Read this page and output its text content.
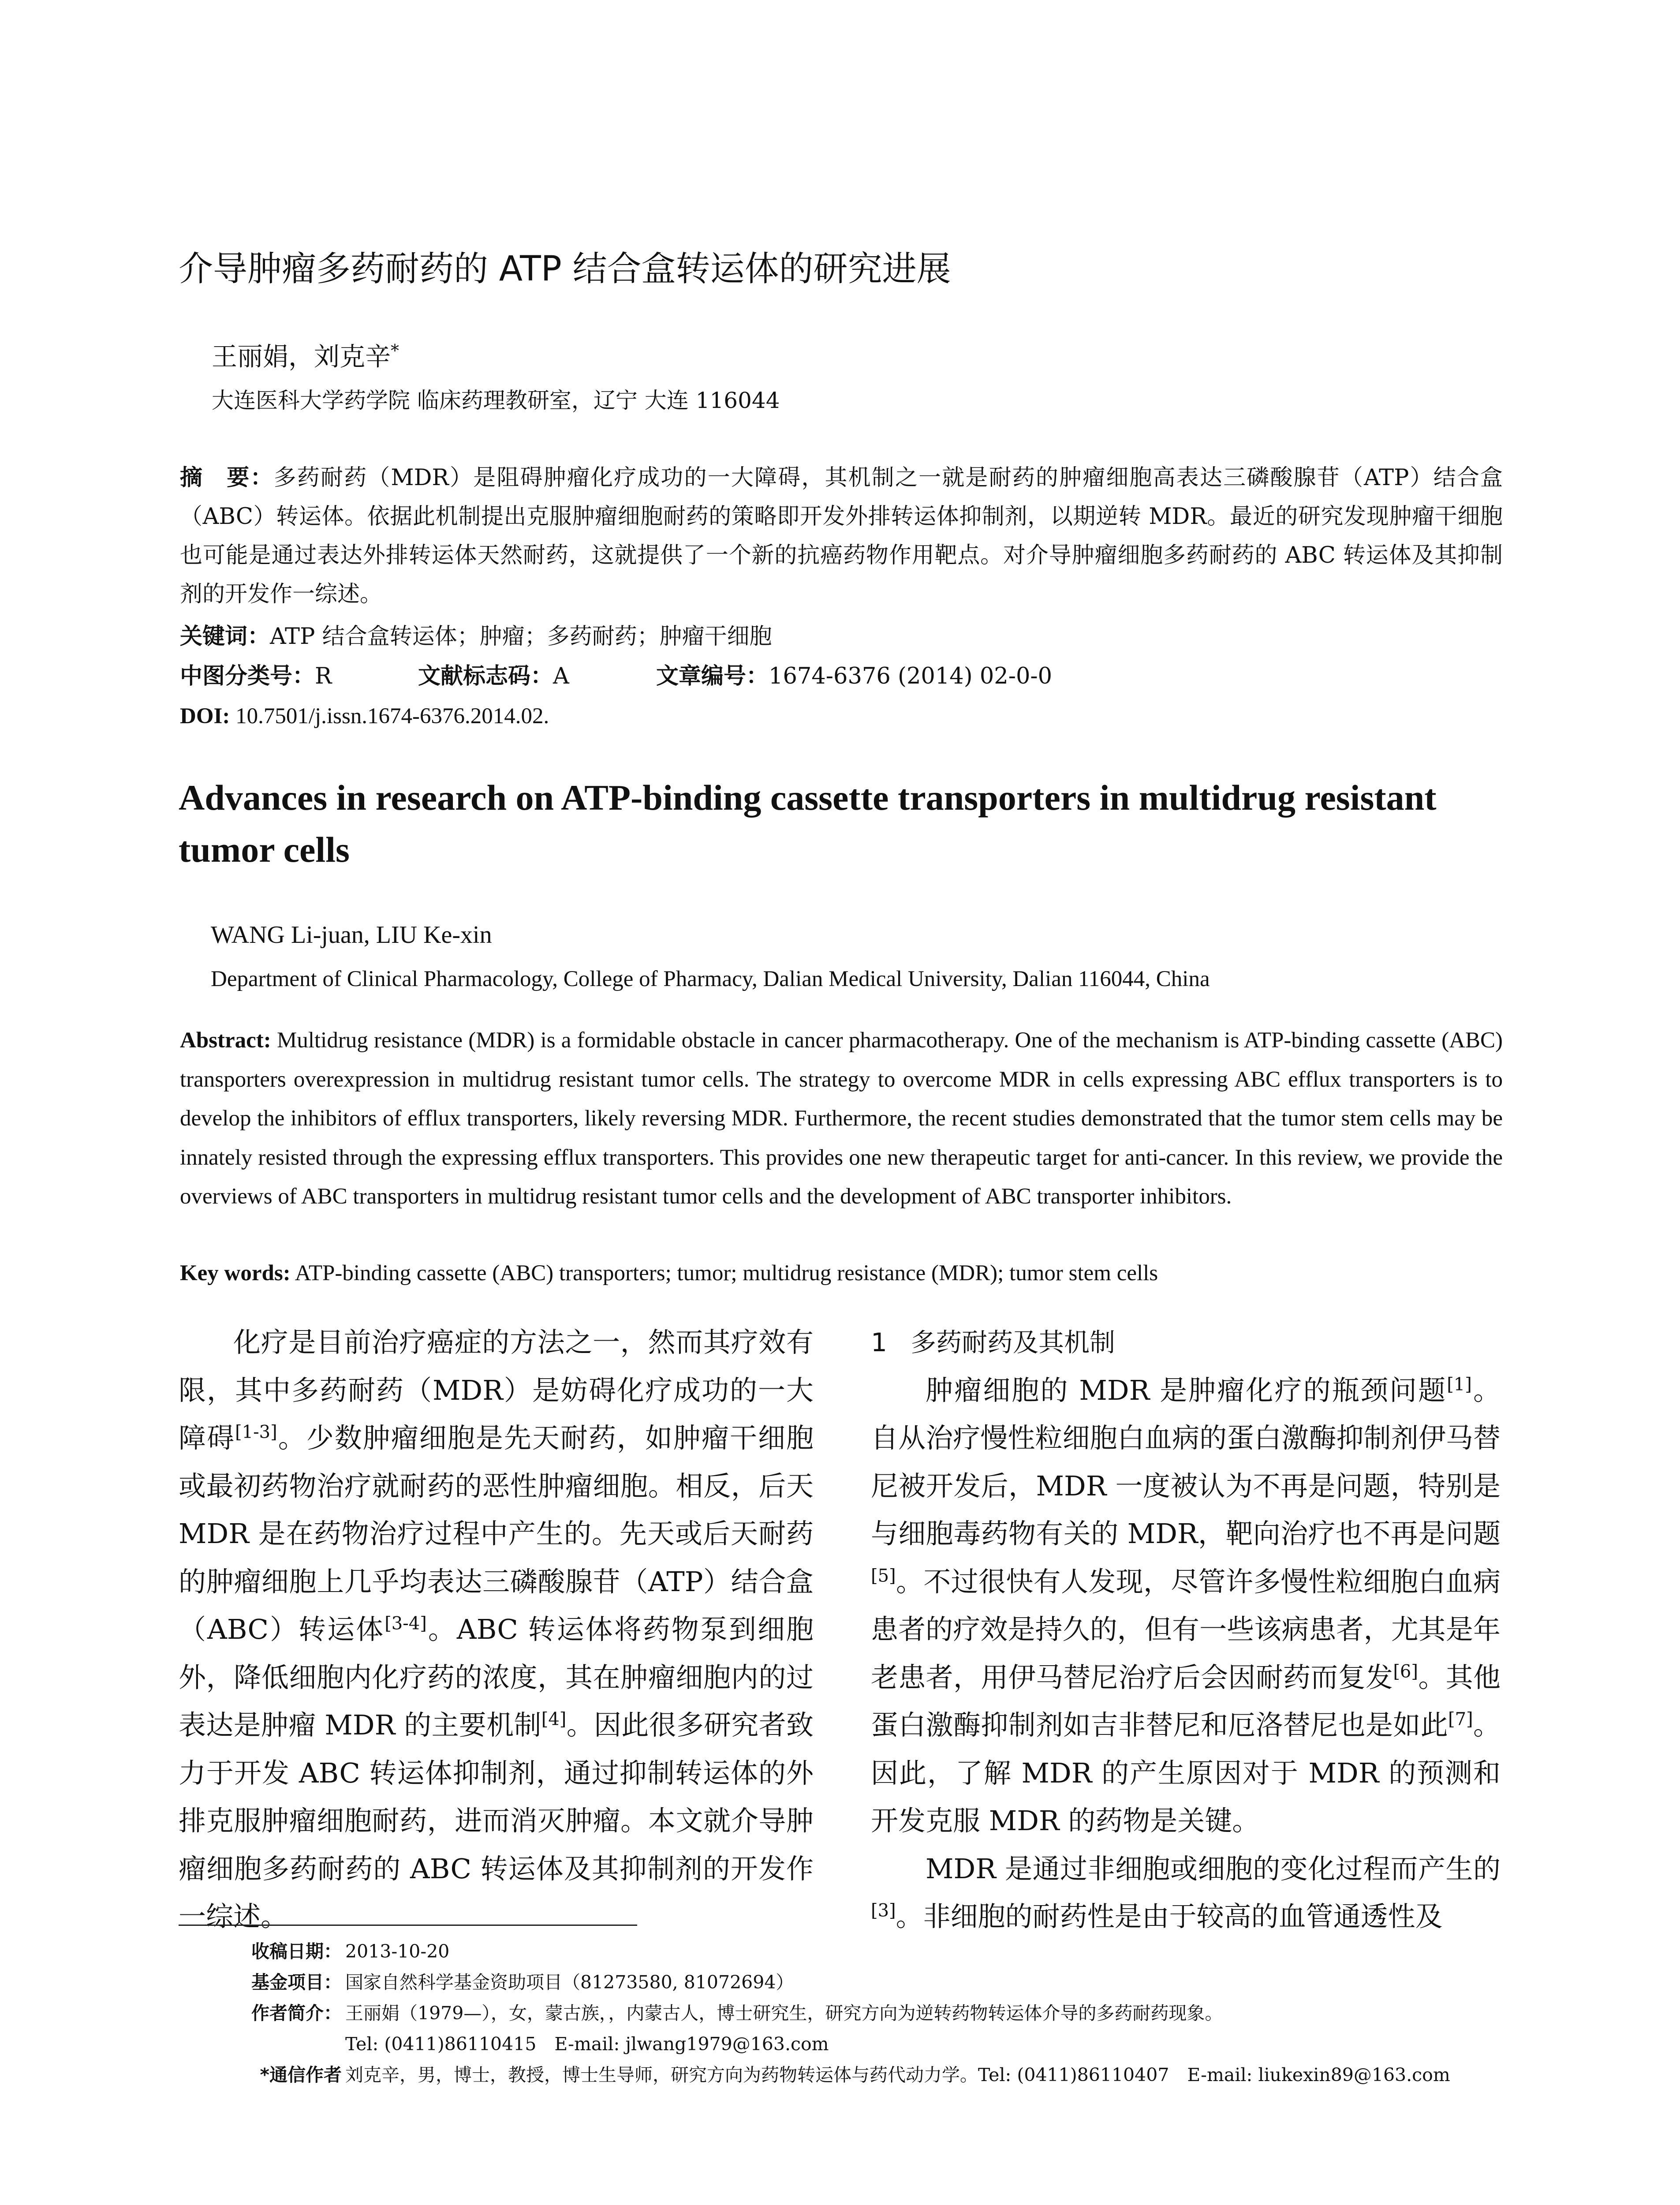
介导肿瘤多药耐药的 ATP 结合盒转运体的研究进展
王丽娟，刘克辛*
大连医科大学药学院 临床药理教研室，辽宁 大连 116044
摘　要：多药耐药（MDR）是阻碍肿瘤化疗成功的一大障碍，其机制之一就是耐药的肿瘤细胞高表达三磷酸腺苷（ATP）结合盒（ABC）转运体。依据此机制提出克服肿瘤细胞耐药的策略即开发外排转运体抑制剂，以期逆转 MDR。最近的研究发现肿瘤干细胞也可能是通过表达外排转运体天然耐药，这就提供了一个新的抗癌药物作用靶点。对介导肿瘤细胞多药耐药的 ABC 转运体及其抑制剂的开发作一综述。
关键词：ATP 结合盒转运体；肿瘤；多药耐药；肿瘤干细胞
中图分类号：R	文献标志码：A	文章编号：1674-6376 (2014) 02-0-0
DOI: 10.7501/j.issn.1674-6376.2014.02.
Advances in research on ATP-binding cassette transporters in multidrug resistant tumor cells
WANG Li-juan, LIU Ke-xin
Department of Clinical Pharmacology, College of Pharmacy, Dalian Medical University, Dalian 116044, China
Abstract: Multidrug resistance (MDR) is a formidable obstacle in cancer pharmacotherapy. One of the mechanism is ATP-binding cassette (ABC) transporters overexpression in multidrug resistant tumor cells. The strategy to overcome MDR in cells expressing ABC efflux transporters is to develop the inhibitors of efflux transporters, likely reversing MDR. Furthermore, the recent studies demonstrated that the tumor stem cells may be innately resisted through the expressing efflux transporters. This provides one new therapeutic target for anti-cancer. In this review, we provide the overviews of ABC transporters in multidrug resistant tumor cells and the development of ABC transporter inhibitors.
Key words: ATP-binding cassette (ABC) transporters; tumor; multidrug resistance (MDR); tumor stem cells

化疗是目前治疗癌症的方法之一，然而其疗效有限，其中多药耐药（MDR）是妨碍化疗成功的一大障碍[1-3]。少数肿瘤细胞是先天耐药，如肿瘤干细胞或最初药物治疗就耐药的恶性肿瘤细胞。相反，后天 MDR 是在药物治疗过程中产生的。先天或后天耐药的肿瘤细胞上几乎均表达三磷酸腺苷（ATP）结合盒（ABC）转运体[3-4]。ABC 转运体将药物泵到细胞外，降低细胞内化疗药的浓度，其在肿瘤细胞内的过表达是肿瘤 MDR 的主要机制[4]。因此很多研究者致力于开发 ABC 转运体抑制剂，通过抑制转运体的外排克服肿瘤细胞耐药，进而消灭肿瘤。本文就介导肿瘤细胞多药耐药的 ABC 转运体及其抑制剂的开发作一综述。

1 多药耐药及其机制

肿瘤细胞的 MDR 是肿瘤化疗的瓶颈问题[1]。自从治疗慢性粒细胞白血病的蛋白激酶抑制剂伊马替尼被开发后，MDR 一度被认为不再是问题，特别是与细胞毒药物有关的 MDR，靶向治疗也不再是问题[5]。不过很快有人发现，尽管许多慢性粒细胞白血病患者的疗效是持久的，但有一些该病患者，尤其是年老患者，用伊马替尼治疗后会因耐药而复发[6]。其他蛋白激酶抑制剂如吉非替尼和厄洛替尼也是如此[7]。因此，了解 MDR 的产生原因对于 MDR 的预测和开发克服 MDR 的药物是关键。

MDR 是通过非细胞或细胞的变化过程而产生的[3]。非细胞的耐药性是由于较高的血管通透性及

收稿日期： 2013-10-20
基金项目： 国家自然科学基金资助项目（81273580, 81072694）
作者简介： 王丽娟（1979—），女，蒙古族，，内蒙古人，博士研究生，研究方向为逆转药物转运体介导的多药耐药现象。
Tel: (0411)86110415　E-mail: jlwang1979@163.com
*通信作者 刘克辛，男，博士，教授，博士生导师，研究方向为药物转运体与药代动力学。Tel: (0411)86110407　E-mail: liukexin89@163.com
